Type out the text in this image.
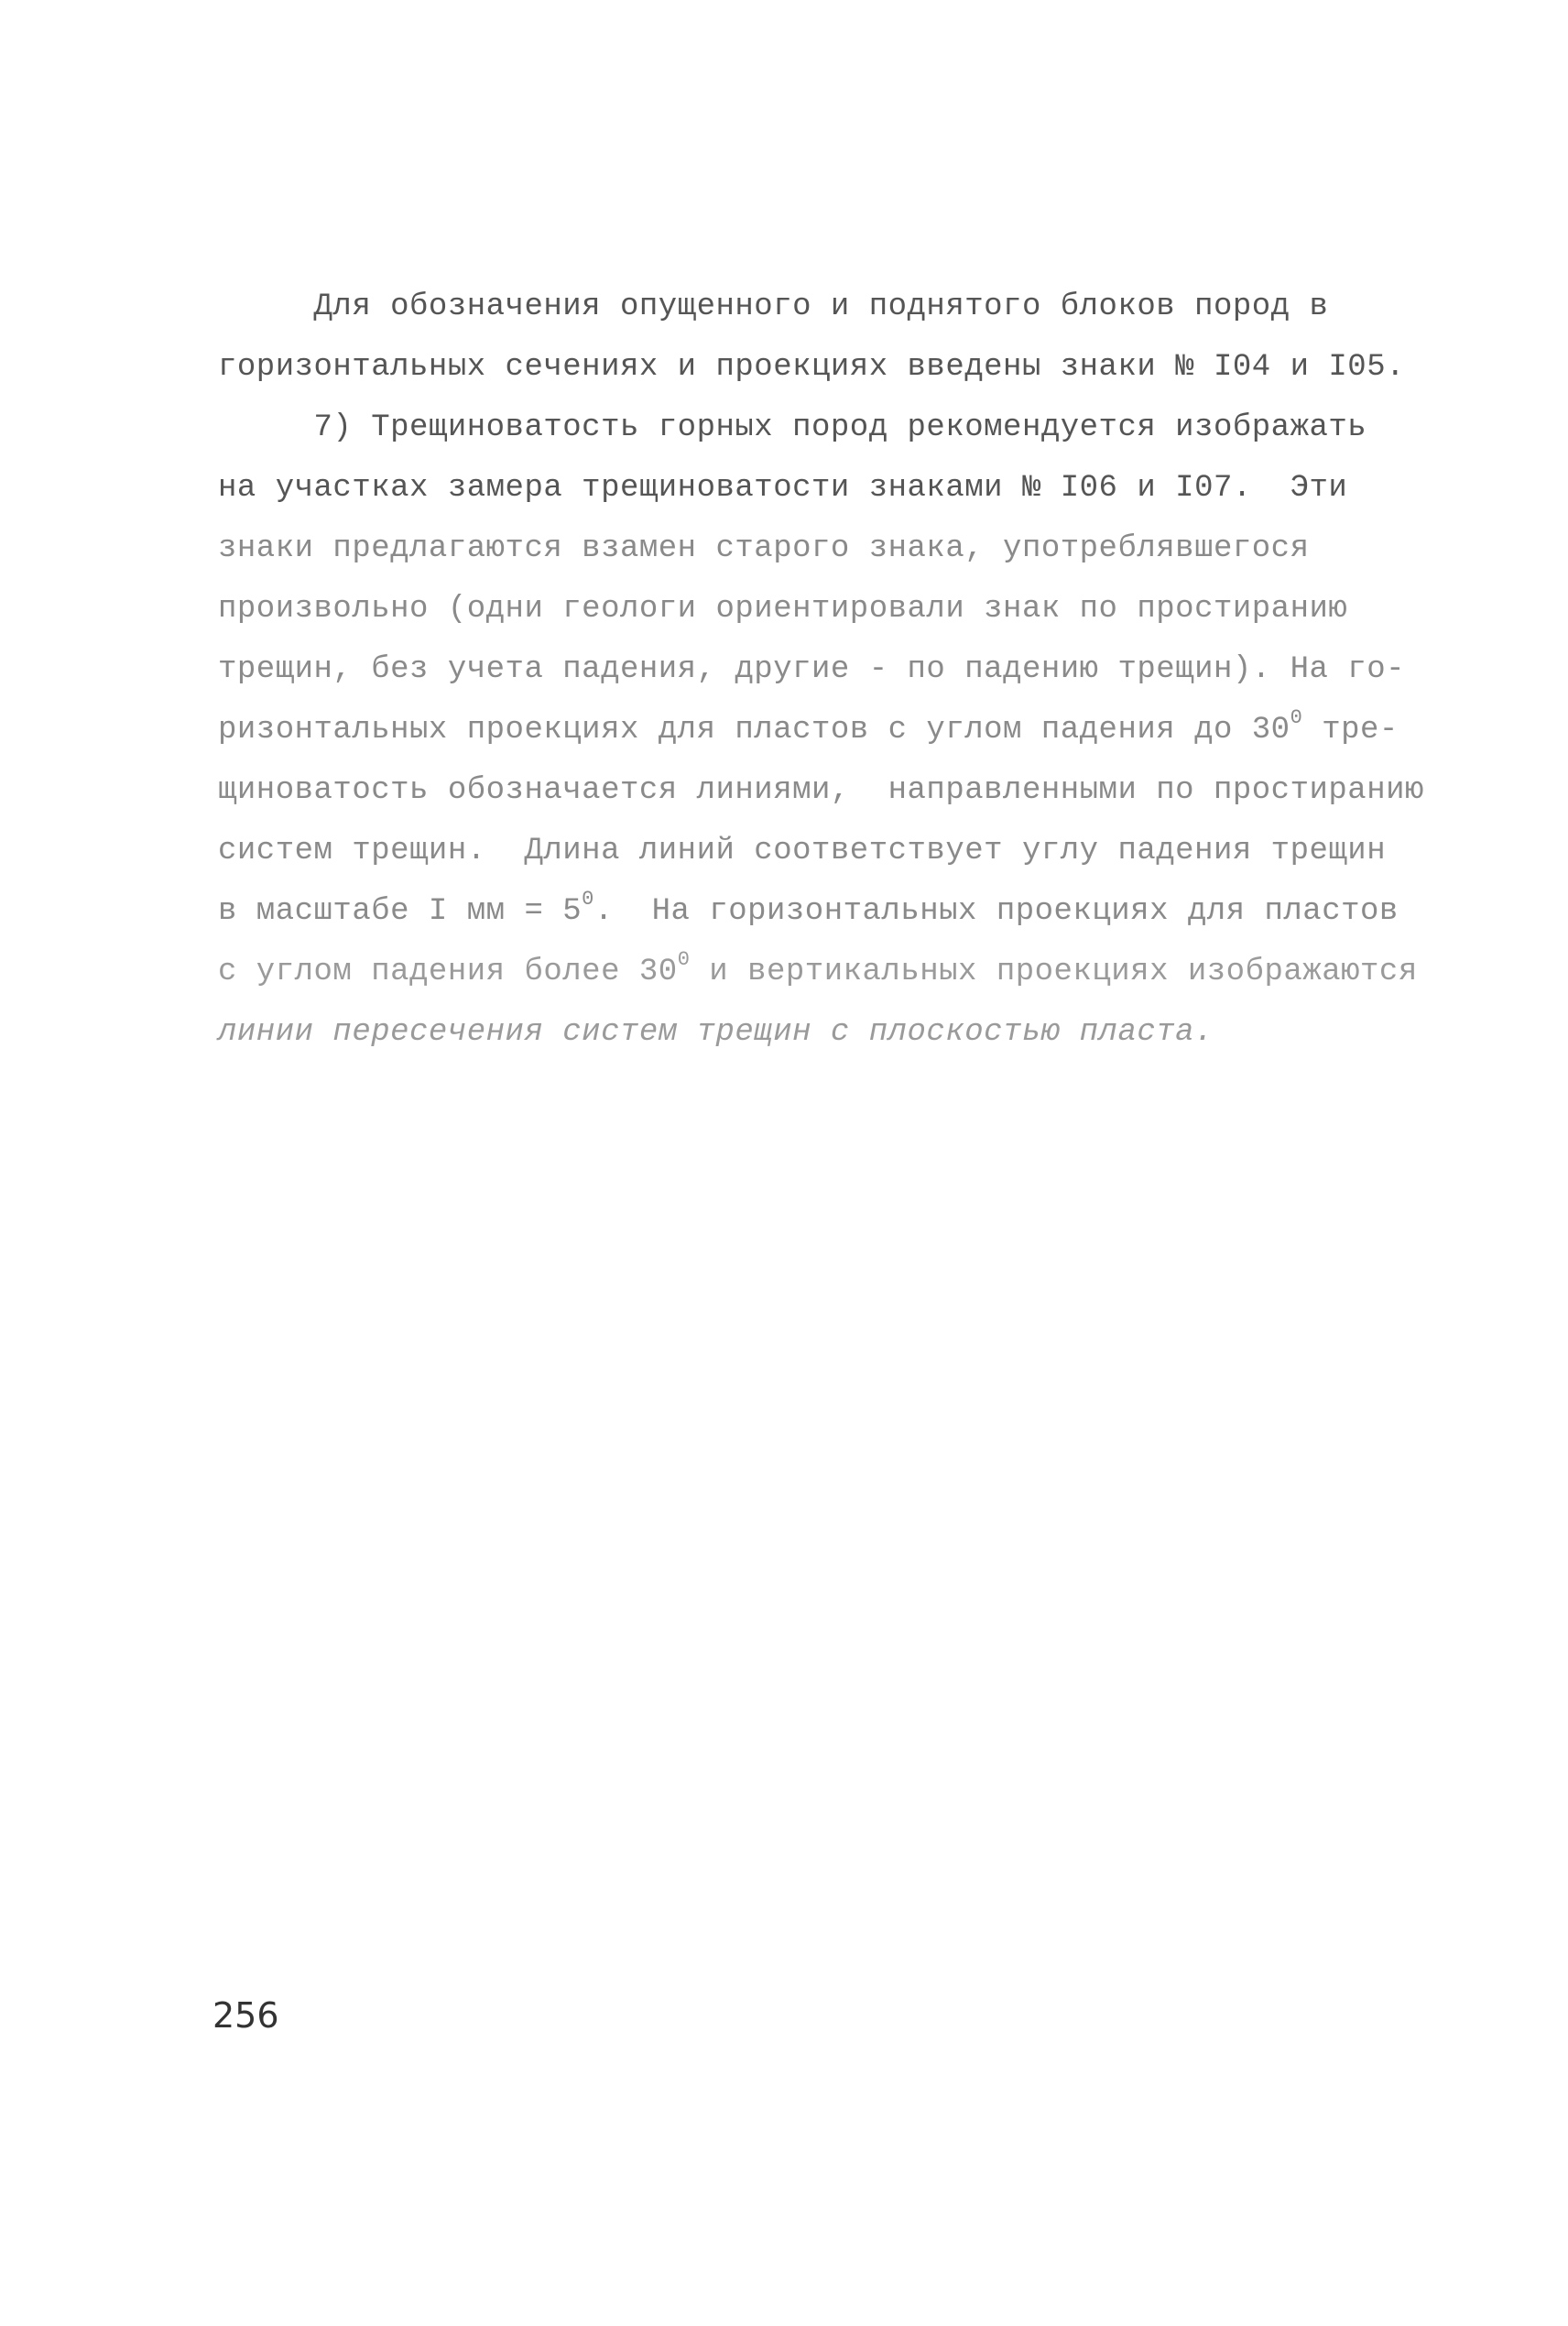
Для обозначения опущенного и поднятого блоков пород в
горизонтальных сечениях и проекциях введены знаки № I04 и I05.
7) Трещиноватость горных пород рекомендуется изображать
на участках замера трещиноватости знаками № I06 и I07.  Эти
знаки предлагаются взамен старого знака, употреблявшегося
произвольно (одни геологи ориентировали знак по простиранию
трещин, без учета падения, другие - по падению трещин). На го-
ризонтальных проекциях для пластов с углом падения до $30^0$ тре-
щиноватость обозначается линиями,  направленными по простиранию
систем трещин.  Длина линий соответствует углу падения трещин
в масштабе I мм = $5^0$.  На горизонтальных проекциях для пластов
с углом падения более $30^0$ и вертикальных проекциях изображаются
линии пересечения систем трещин с плоскостью пласта.
256
